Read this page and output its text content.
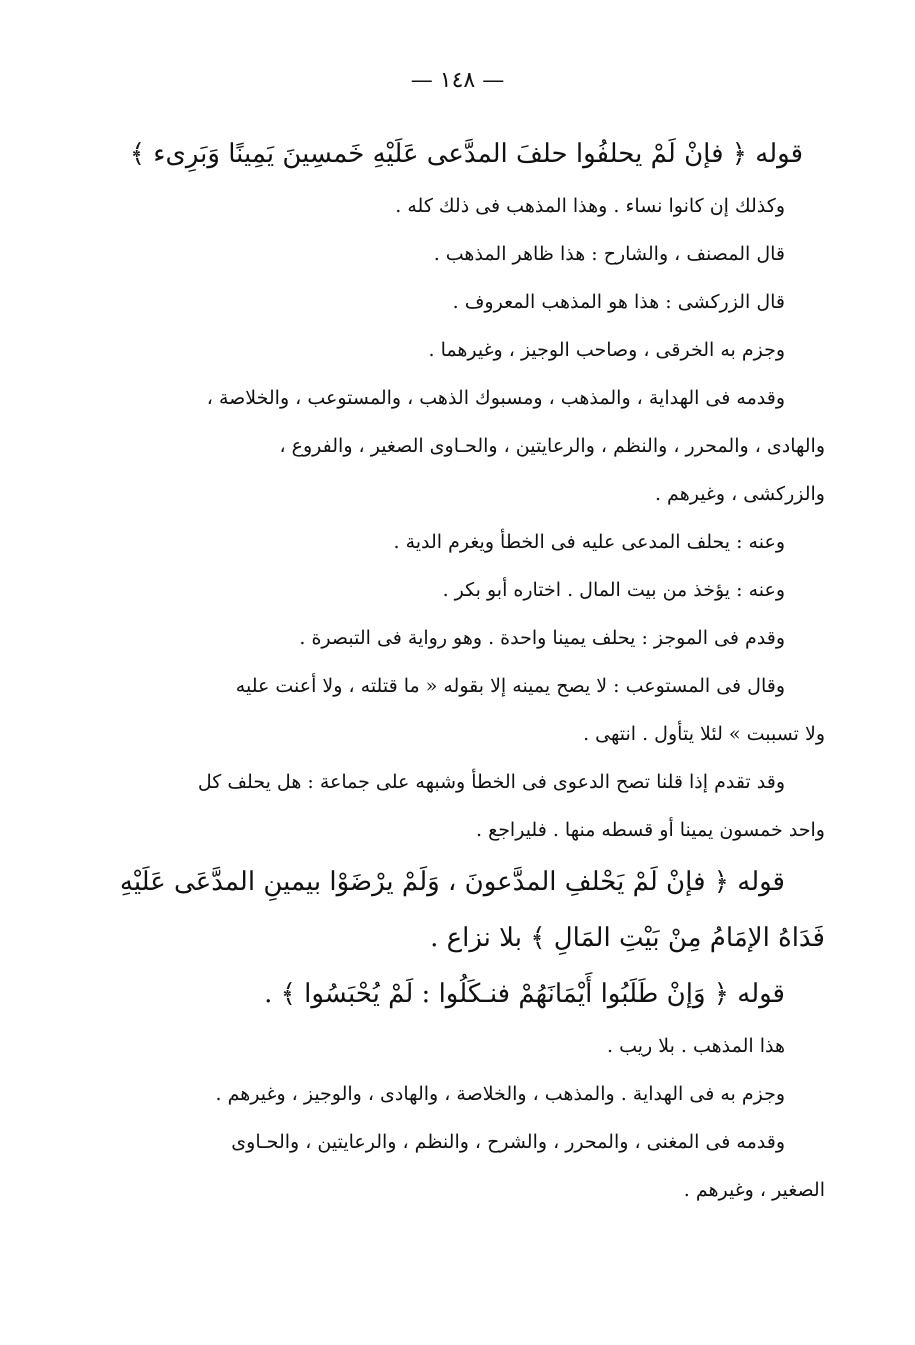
— ١٤٨ —
قوله ﴿ فإنْ لَمْ يحلفُوا حلفَ المدَّعى عَلَيْهِ خَمسِينَ يَمِينًا وَبَرِىء ﴾
وكذلك إن كانوا نساء . وهذا المذهب فى ذلك كله .
قال المصنف ، والشارح : هذا ظاهر المذهب .
قال الزركشى : هذا هو المذهب المعروف .
وجزم به الخرقى ، وصاحب الوجيز ، وغيرهما .
وقدمه فى الهداية ، والمذهب ، ومسبوك الذهب ، والمستوعب ، والخلاصة ،
والهادى ، والمحرر ، والنظم ، والرعايتين ، والحـاوى الصغير ، والفروع ،
والزركشى ، وغيرهم .
وعنه : يحلف المدعى عليه فى الخطأ ويغرم الدية .
وعنه : يؤخذ من بيت المال . اختاره أبو بكر .
وقدم فى الموجز : يحلف يمينا واحدة . وهو رواية فى التبصرة .
وقال فى المستوعب : لا يصح يمينه إلا بقوله « ما قتلته ، ولا أعنت عليه
ولا تسببت » لئلا يتأول . انتهى .
وقد تقدم إذا قلنا تصح الدعوى فى الخطأ وشبهه على جماعة : هل يحلف كل
واحد خمسون يمينا أو قسطه منها . فليراجع .
قوله ﴿ فإنْ لَمْ يَحْلفِ المدَّعونَ ، وَلَمْ يرْضَوْا بيمينِ المدَّعَى عَلَيْهِ
فَدَاهُ الإمَامُ مِنْ بَيْتِ المَالِ ﴾ بلا نزاع .
قوله ﴿ وَإنْ طَلَبُوا أَيْمَانَهُمْ فنـكَلُوا : لَمْ يُحْبَسُوا ﴾ .
هذا المذهب . بلا ريب .
وجزم به فى الهداية . والمذهب ، والخلاصة ، والهادى ، والوجيز ، وغيرهم .
وقدمه فى المغنى ، والمحرر ، والشرح ، والنظم ، والرعايتين ، والحـاوى
الصغير ، وغيرهم .
